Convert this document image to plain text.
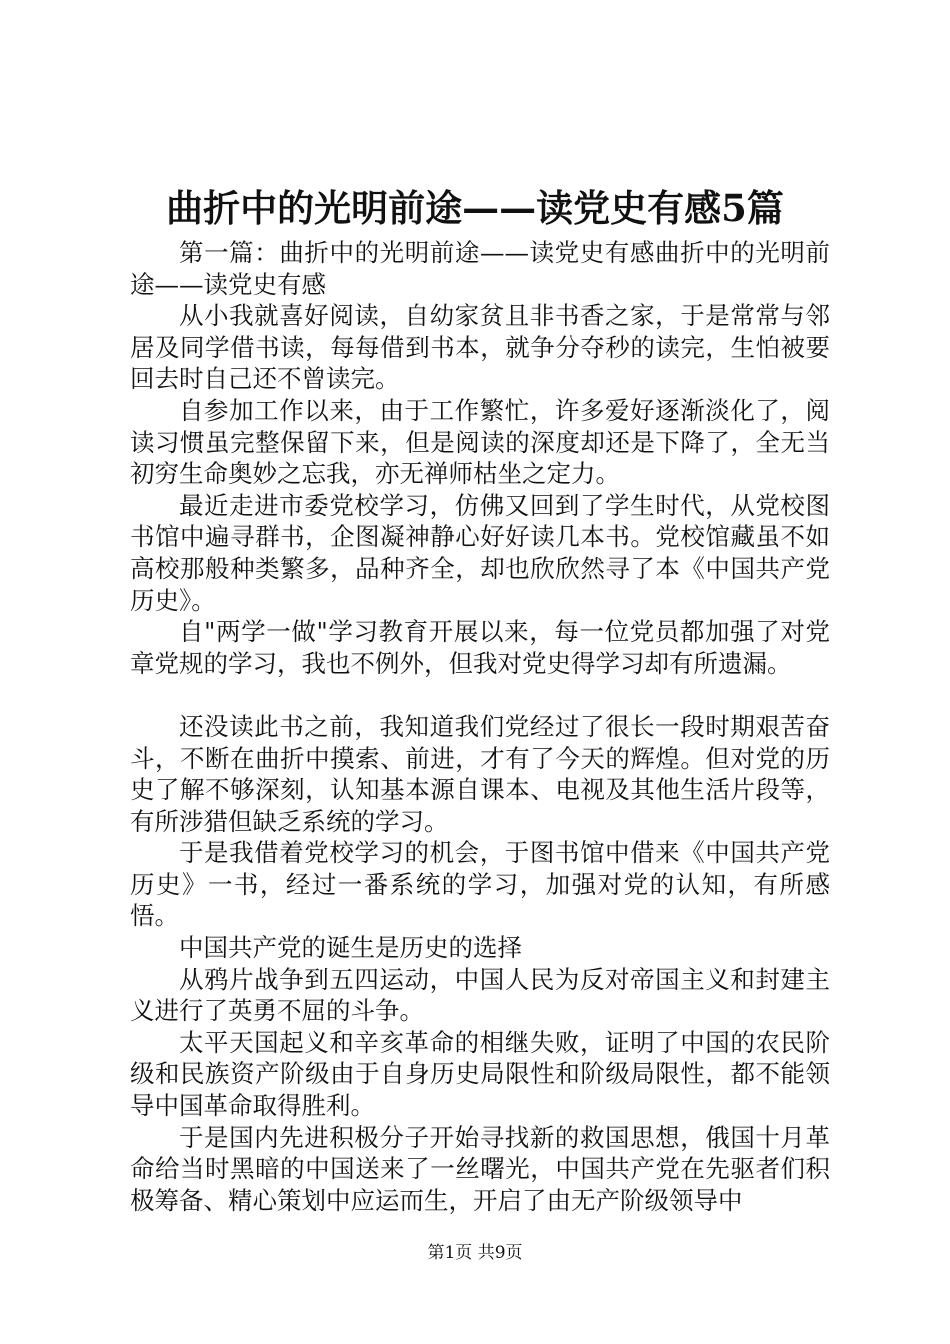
曲折中的光明前途——读党史有感5篇

第一篇：曲折中的光明前途——读党史有感曲折中的光明前途——读党史有感

从小我就喜好阅读，自幼家贫且非书香之家，于是常常与邻居及同学借书读，每每借到书本，就争分夺秒的读完，生怕被要回去时自己还不曾读完。

自参加工作以来，由于工作繁忙，许多爱好逐渐淡化了，阅读习惯虽完整保留下来，但是阅读的深度却还是下降了，全无当初穷生命奥妙之忘我，亦无禅师枯坐之定力。

最近走进市委党校学习，仿佛又回到了学生时代，从党校图书馆中遍寻群书，企图凝神静心好好读几本书。党校馆藏虽不如高校那般种类繁多，品种齐全，却也欣欣然寻了本《中国共产党历史》。

自"两学一做"学习教育开展以来，每一位党员都加强了对党章党规的学习，我也不例外，但我对党史得学习却有所遗漏。

还没读此书之前，我知道我们党经过了很长一段时期艰苦奋斗，不断在曲折中摸索、前进，才有了今天的辉煌。但对党的历史了解不够深刻，认知基本源自课本、电视及其他生活片段等，有所涉猎但缺乏系统的学习。

于是我借着党校学习的机会，于图书馆中借来《中国共产党历史》一书，经过一番系统的学习，加强对党的认知，有所感悟。

中国共产党的诞生是历史的选择

从鸦片战争到五四运动，中国人民为反对帝国主义和封建主义进行了英勇不屈的斗争。

太平天国起义和辛亥革命的相继失败，证明了中国的农民阶级和民族资产阶级由于自身历史局限性和阶级局限性，都不能领导中国革命取得胜利。

于是国内先进积极分子开始寻找新的救国思想，俄国十月革命给当时黑暗的中国送来了一丝曙光，中国共产党在先驱者们积极筹备、精心策划中应运而生，开启了由无产阶级领导中

第1页 共9页
